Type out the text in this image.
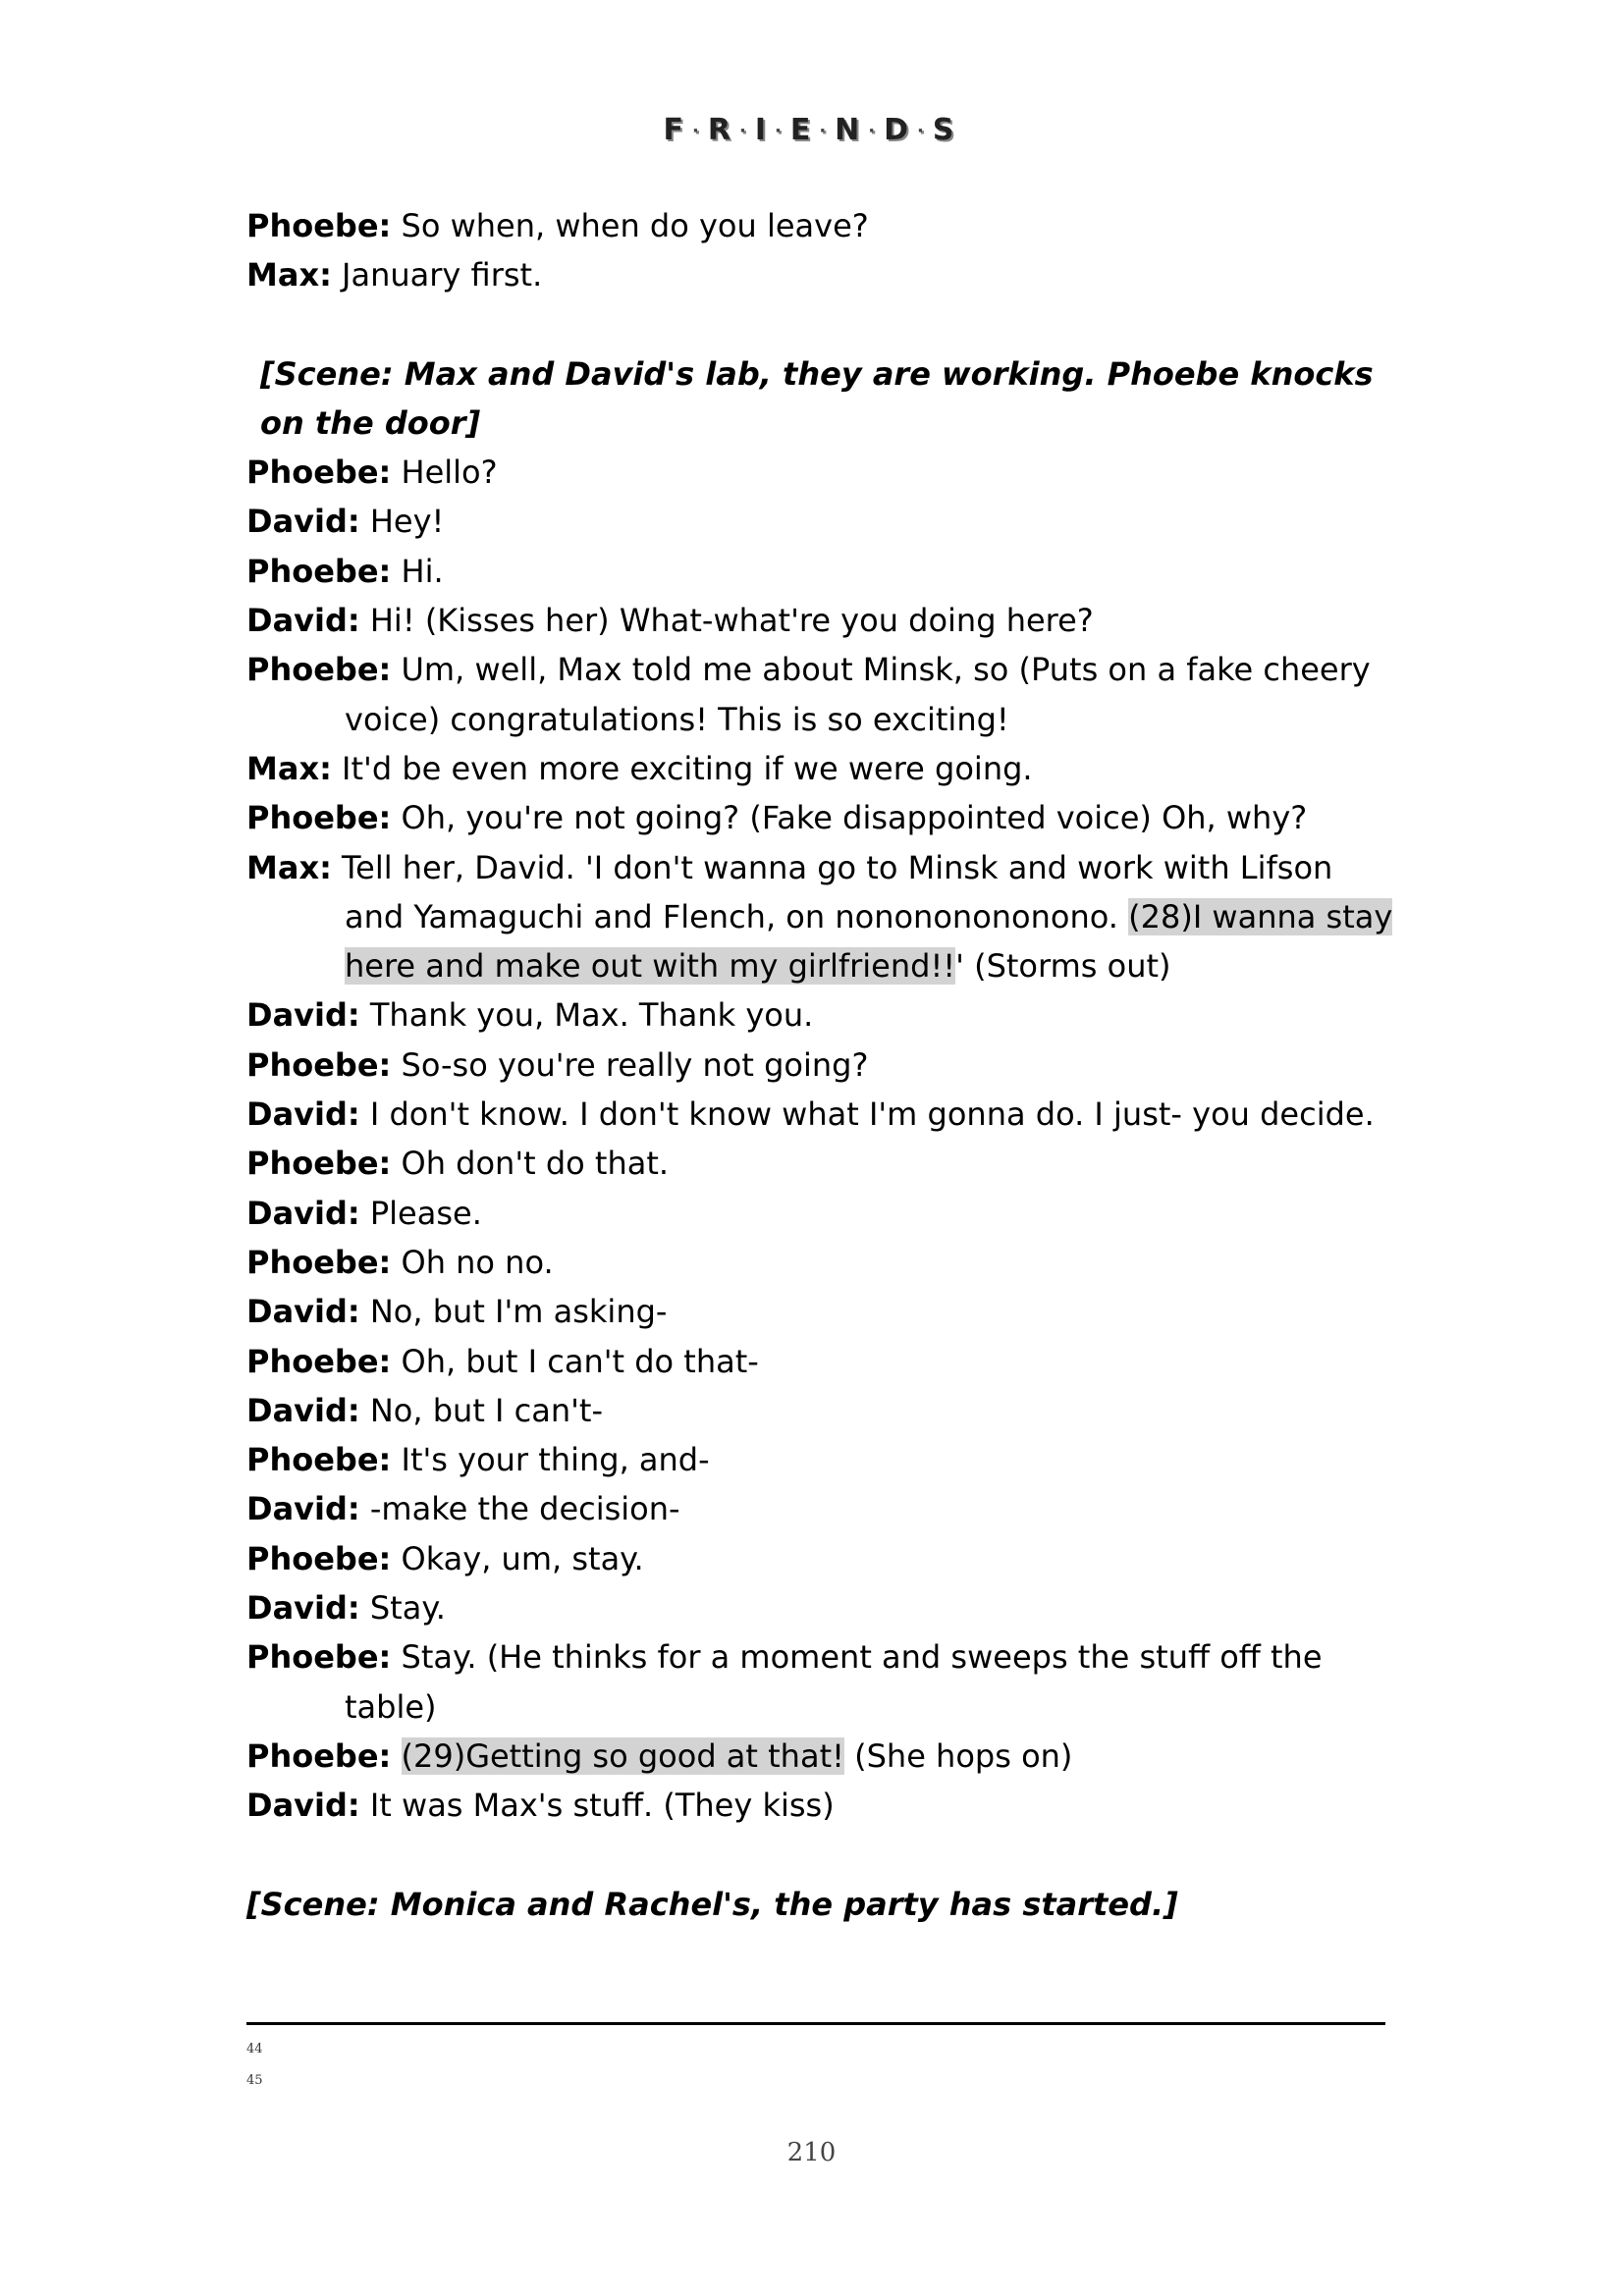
F · R · I · E · N · D · S

Phoebe: So when, when do you leave?

Max: January first.

[Scene: Max and David's lab, they are working. Phoebe knocks on the door]

Phoebe: Hello?

David: Hey!

Phoebe: Hi.

David: Hi! (Kisses her) What-what're you doing here?

Phoebe: Um, well, Max told me about Minsk, so (Puts on a fake cheery voice) congratulations! This is so exciting!

Max: It'd be even more exciting if we were going.

Phoebe: Oh, you're not going? (Fake disappointed voice) Oh, why?

Max: Tell her, David. 'I don't wanna go to Minsk and work with Lifson and Yamaguchi and Flench, on nonononononono. (28)I wanna stay here and make out with my girlfriend!!' (Storms out)

David: Thank you, Max. Thank you.

Phoebe: So-so you're really not going?

David: I don't know. I don't know what I'm gonna do. I just- you decide.

Phoebe: Oh don't do that.

David: Please.

Phoebe: Oh no no.

David: No, but I'm asking-

Phoebe: Oh, but I can't do that-

David: No, but I can't-

Phoebe: It's your thing, and-

David: -make the decision-

Phoebe: Okay, um, stay.

David: Stay.

Phoebe: Stay. (He thinks for a moment and sweeps the stuff off the table)

Phoebe: (29)Getting so good at that! (She hops on)

David: It was Max's stuff. (They kiss)

[Scene: Monica and Rachel's, the party has started.]

44
45
210
